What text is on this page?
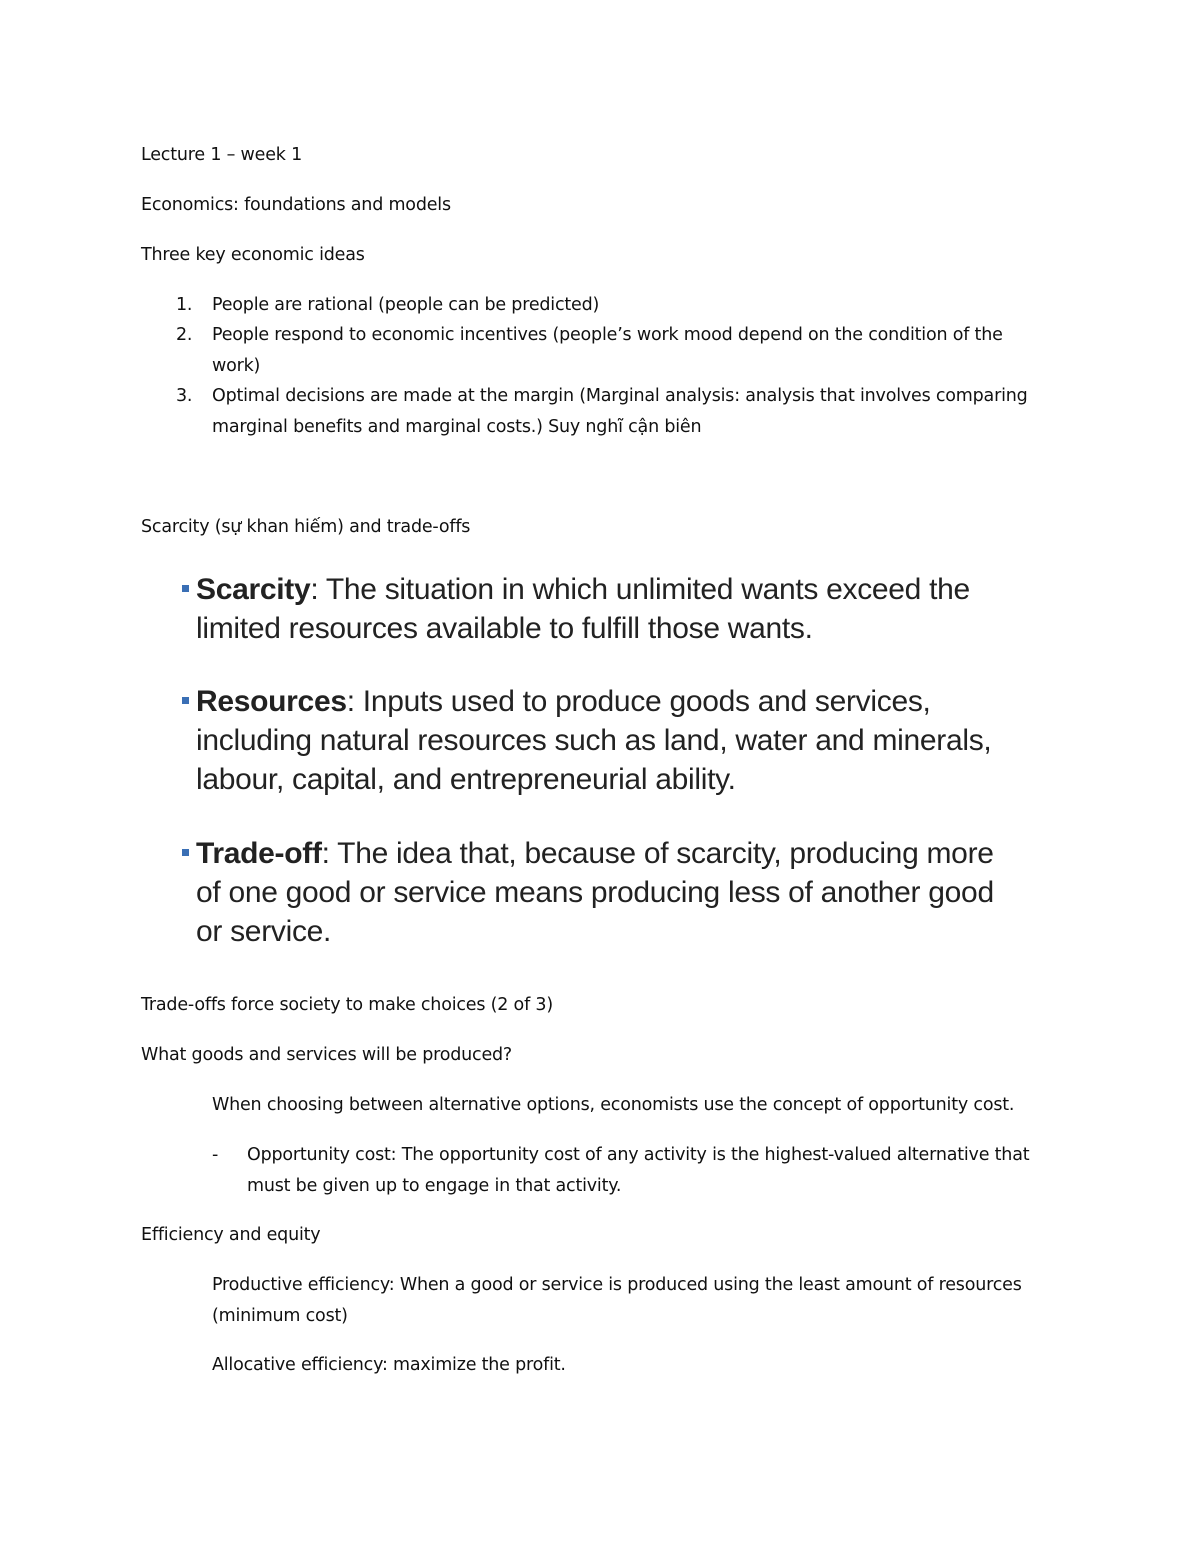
Lecture 1 – week 1
Economics: foundations and models
Three key economic ideas
1. People are rational (people can be predicted)
2. People respond to economic incentives (people’s work mood depend on the condition of the work)
3. Optimal decisions are made at the margin (Marginal analysis: analysis that involves comparing marginal benefits and marginal costs.) Suy nghĩ cận biên
Scarcity (sự khan hiếm) and trade-offs
Scarcity: The situation in which unlimited wants exceed the limited resources available to fulfill those wants.
Resources: Inputs used to produce goods and services, including natural resources such as land, water and minerals, labour, capital, and entrepreneurial ability.
Trade-off: The idea that, because of scarcity, producing more of one good or service means producing less of another good or service.
Trade-offs force society to make choices (2 of 3)
What goods and services will be produced?
When choosing between alternative options, economists use the concept of opportunity cost.
- Opportunity cost: The opportunity cost of any activity is the highest-valued alternative that must be given up to engage in that activity.
Efficiency and equity
Productive efficiency: When a good or service is produced using the least amount of resources (minimum cost)
Allocative efficiency: maximize the profit.
